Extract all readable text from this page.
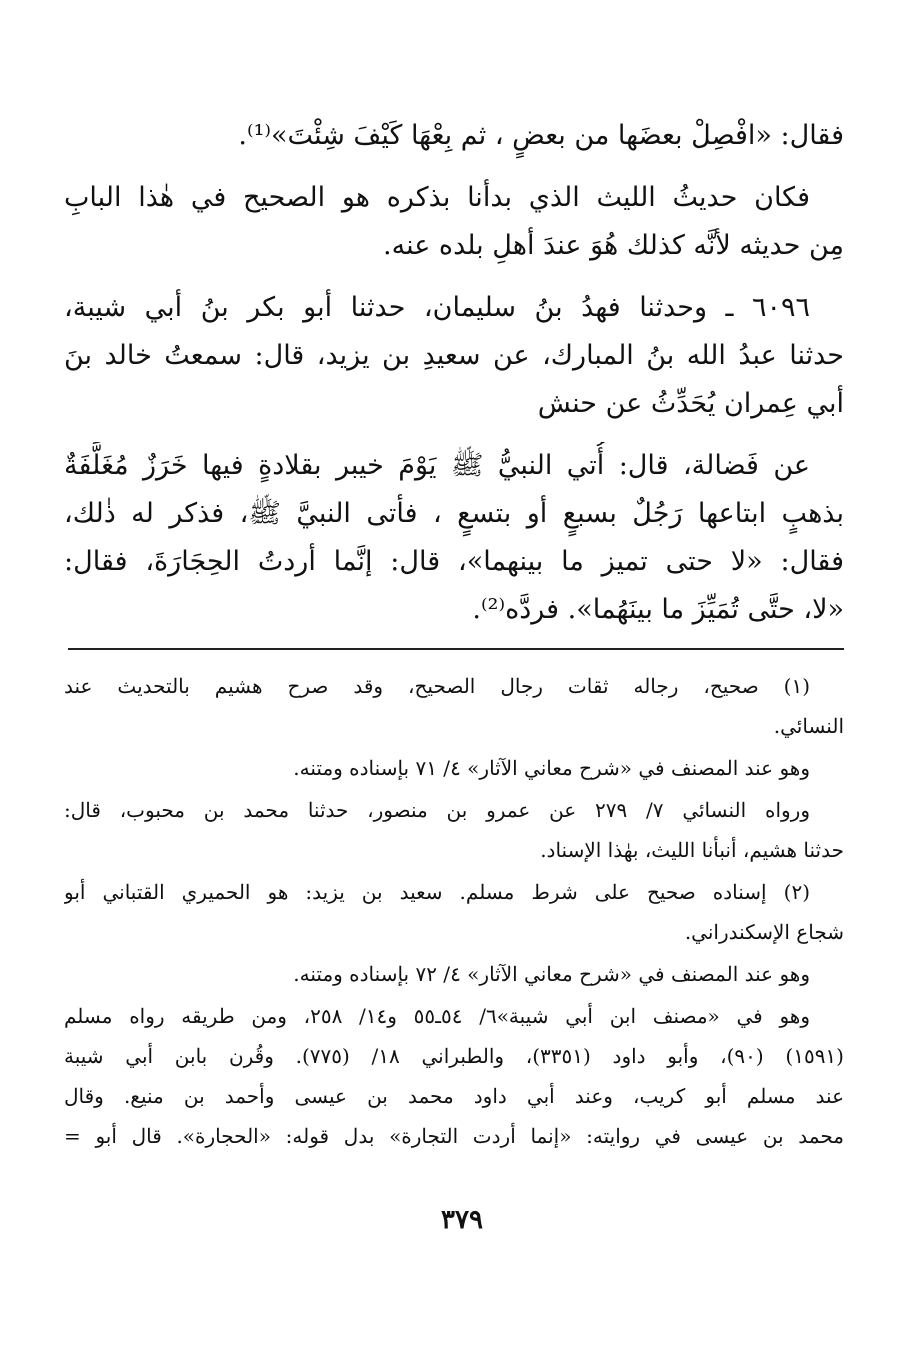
فقال: «افْصِلْ بعضَها من بعضٍ ، ثم بِعْهَا كَيْفَ شِئْتَ»⁽¹⁾.
فكان حديثُ الليث الذي بدأنا بذكره هو الصحيح في هٰذا البابِ
مِن حديثه لأنَّه كذلك هُوَ عندَ أهلِ بلده عنه.
٦٠٩٦ ـ وحدثنا فهدُ بنُ سليمان، حدثنا أبو بكر بنُ أبي شيبة،
حدثنا عبدُ الله بنُ المبارك، عن سعيدِ بن يزيد، قال: سمعتُ خالد بنَ
أبي عِمران يُحَدِّثُ عن حنش
عن فَضالة، قال: أُتي النبيُّ ﷺ يَوْمَ خيبر بقلادةٍ فيها خَرَزٌ مُغَلَّفَةٌ
بذهبٍ ابتاعها رَجُلٌ بسبعٍ أو بتسعٍ ، فأتى النبيَّ ﷺ، فذكر له ذٰلك،
فقال: «لا حتى تميز ما بينهما»، قال: إنَّما أردتُ الحِجَارَةَ، فقال:
«لا، حتَّى تُمَيِّزَ ما بينَهُما». فردَّه⁽²⁾.
(١) صحيح، رجاله ثقات رجال الصحيح، وقد صرح هشيم بالتحديث عند
النسائي.
وهو عند المصنف في «شرح معاني الآثار» ٤/ ٧١ بإسناده ومتنه.
ورواه النسائي ٧/ ٢٧٩ عن عمرو بن منصور، حدثنا محمد بن محبوب، قال:
حدثنا هشيم، أنبأنا الليث، بهٰذا الإسناد.
(٢) إسناده صحيح على شرط مسلم. سعيد بن يزيد: هو الحميري القتباني أبو
شجاع الإسكندراني.
وهو عند المصنف في «شرح معاني الآثار» ٤/ ٧٢ بإسناده ومتنه.
وهو في «مصنف ابن أبي شيبة»٦/ ٥٤ـ٥٥ و١٤/ ٢٥٨، ومن طريقه رواه مسلم
(١٥٩١) (٩٠)، وأبو داود (٣٣٥١)، والطبراني ١٨/ (٧٧٥). وقُرن بابن أبي شيبة
عند مسلم أبو كريب، وعند أبي داود محمد بن عيسى وأحمد بن منيع. وقال
محمد بن عيسى في روايته: «إنما أردت التجارة» بدل قوله: «الحجارة». قال أبو =
٣٧٩
